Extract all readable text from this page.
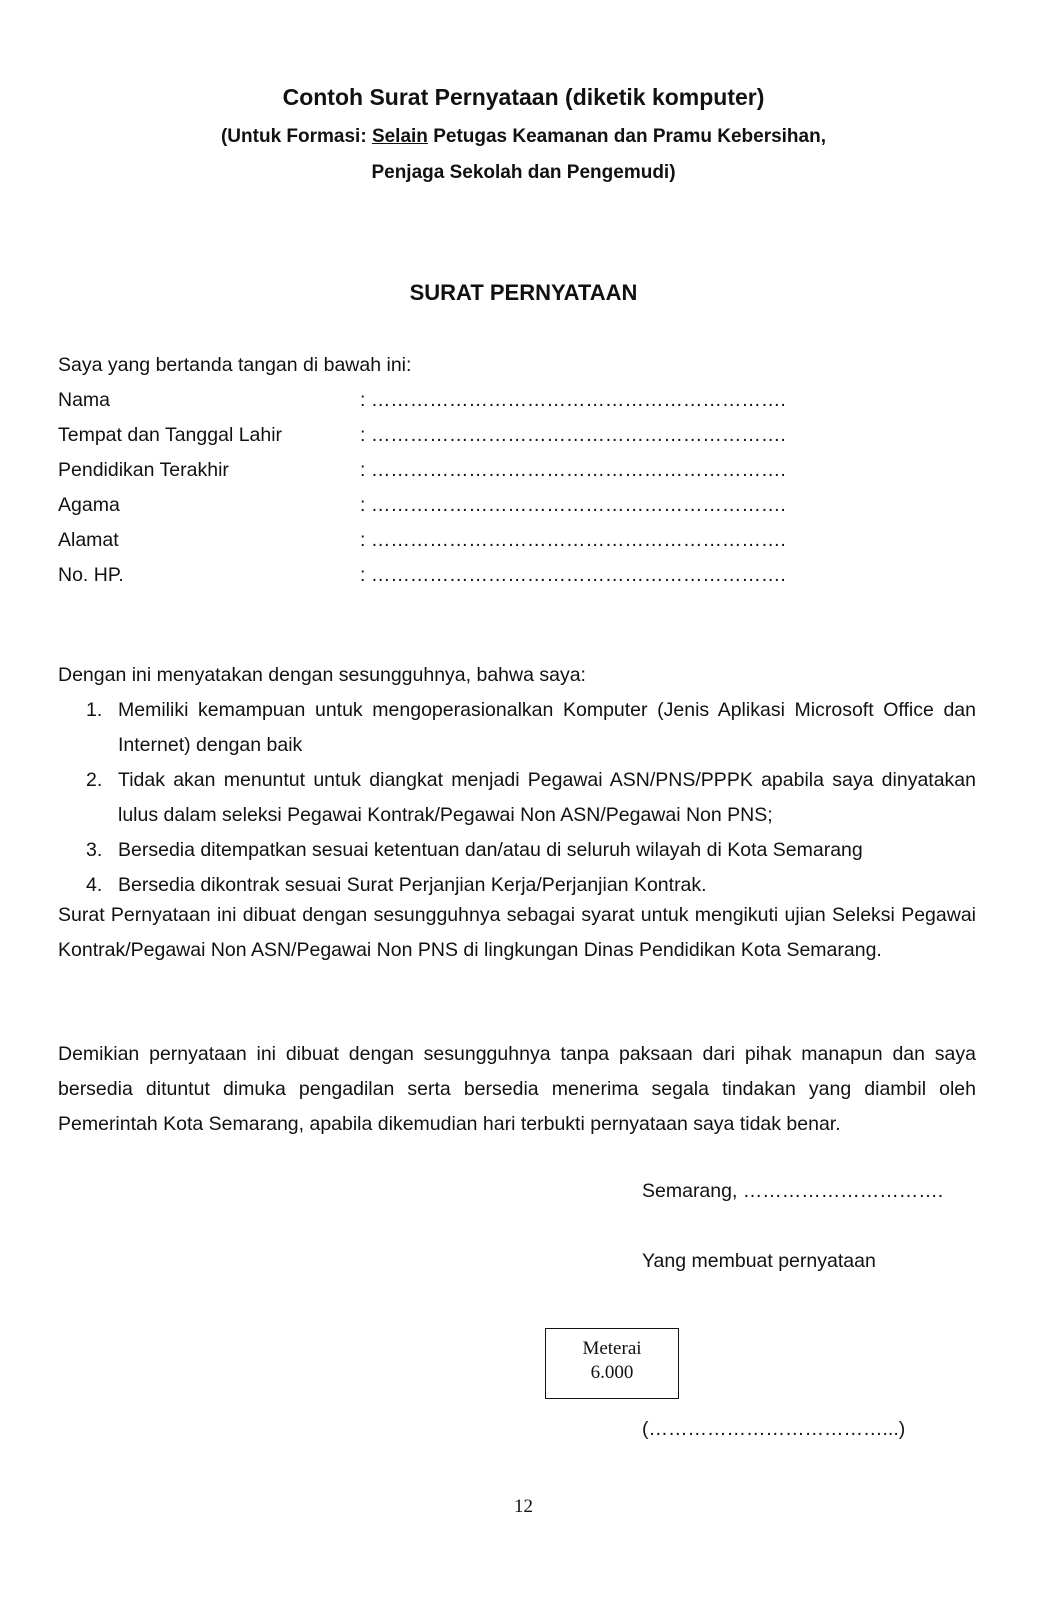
Contoh Surat Pernyataan (diketik komputer)
(Untuk Formasi: Selain Petugas Keamanan dan Pramu Kebersihan,
Penjaga Sekolah dan Pengemudi)
SURAT PERNYATAAN
Saya yang bertanda tangan di bawah ini:
Nama	: ……………………………………………………….
Tempat dan Tanggal Lahir	: ……………………………………………………….
Pendidikan Terakhir	: ……………………………………………………….
Agama	: ……………………………………………………….
Alamat	: ……………………………………………………….
No. HP.	: ……………………………………………………….
Dengan ini menyatakan dengan sesungguhnya, bahwa saya:
1. Memiliki kemampuan untuk mengoperasionalkan Komputer (Jenis Aplikasi Microsoft Office dan Internet) dengan baik
2. Tidak akan menuntut untuk diangkat menjadi Pegawai ASN/PNS/PPPK apabila saya dinyatakan lulus dalam seleksi Pegawai Kontrak/Pegawai Non ASN/Pegawai Non PNS;
3. Bersedia ditempatkan sesuai ketentuan dan/atau di seluruh wilayah di Kota Semarang
4. Bersedia dikontrak sesuai Surat Perjanjian Kerja/Perjanjian Kontrak.
Surat Pernyataan ini dibuat dengan sesungguhnya sebagai syarat untuk mengikuti ujian Seleksi Pegawai Kontrak/Pegawai Non ASN/Pegawai Non PNS di lingkungan Dinas Pendidikan Kota Semarang.
Demikian pernyataan ini dibuat dengan sesungguhnya tanpa paksaan dari pihak manapun dan saya bersedia dituntut dimuka pengadilan serta bersedia menerima segala tindakan yang diambil oleh Pemerintah Kota Semarang, apabila dikemudian hari terbukti pernyataan saya tidak benar.
Semarang, ………………………….
Yang membuat pernyataan
Meterai
6.000
(………………………………...)
12
